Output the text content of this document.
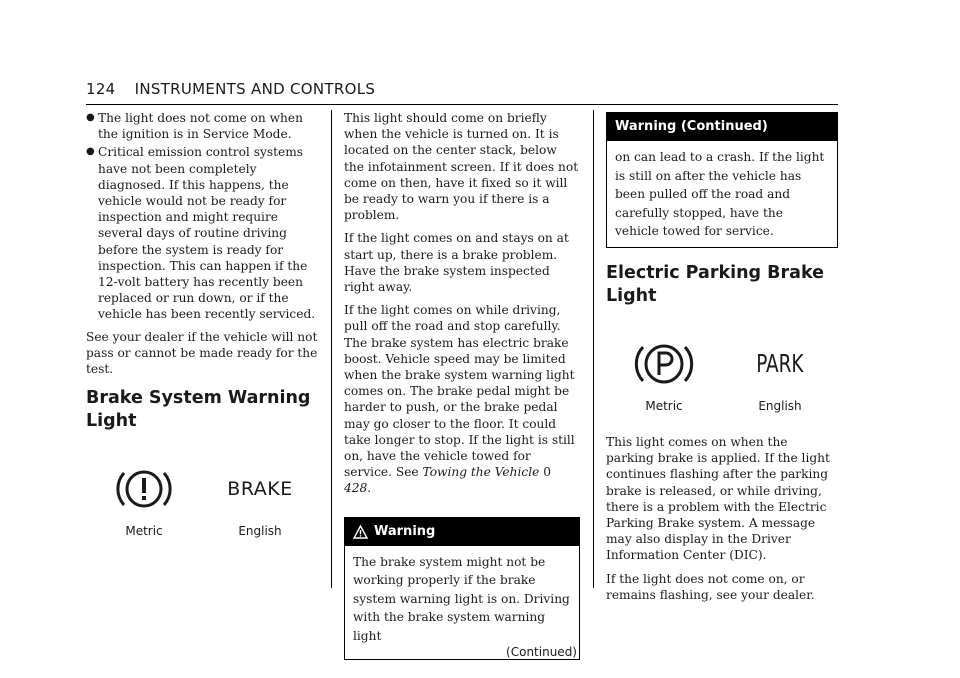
124 INSTRUMENTS AND CONTROLS
● The light does not come on when the ignition is in Service Mode.
● Critical emission control systems have not been completely diagnosed. If this happens, the vehicle would not be ready for inspection and might require several days of routine driving before the system is ready for inspection. This can happen if the 12-volt battery has recently been replaced or run down, or if the vehicle has been recently serviced.

See your dealer if the vehicle will not pass or cannot be made ready for the test.

Brake System Warning Light
BRAKE
Metric	English

This light should come on briefly when the vehicle is turned on. It is located on the center stack, below the infotainment screen. If it does not come on then, have it fixed so it will be ready to warn you if there is a problem.

If the light comes on and stays on at start up, there is a brake problem. Have the brake system inspected right away.

If the light comes on while driving, pull off the road and stop carefully. The brake system has electric brake boost. Vehicle speed may be limited when the brake system warning light comes on. The brake pedal might be harder to push, or the brake pedal may go closer to the floor. It could take longer to stop. If the light is still on, have the vehicle towed for service. See Towing the Vehicle 0 428.

Warning
The brake system might not be working properly if the brake system warning light is on. Driving with the brake system warning light
(Continued)
Warning (Continued)
on can lead to a crash. If the light is still on after the vehicle has been pulled off the road and carefully stopped, have the vehicle towed for service.
Electric Parking Brake Light
PARK
Metric	English

This light comes on when the parking brake is applied. If the light continues flashing after the parking brake is released, or while driving, there is a problem with the Electric Parking Brake system. A message may also display in the Driver Information Center (DIC).

If the light does not come on, or remains flashing, see your dealer.
